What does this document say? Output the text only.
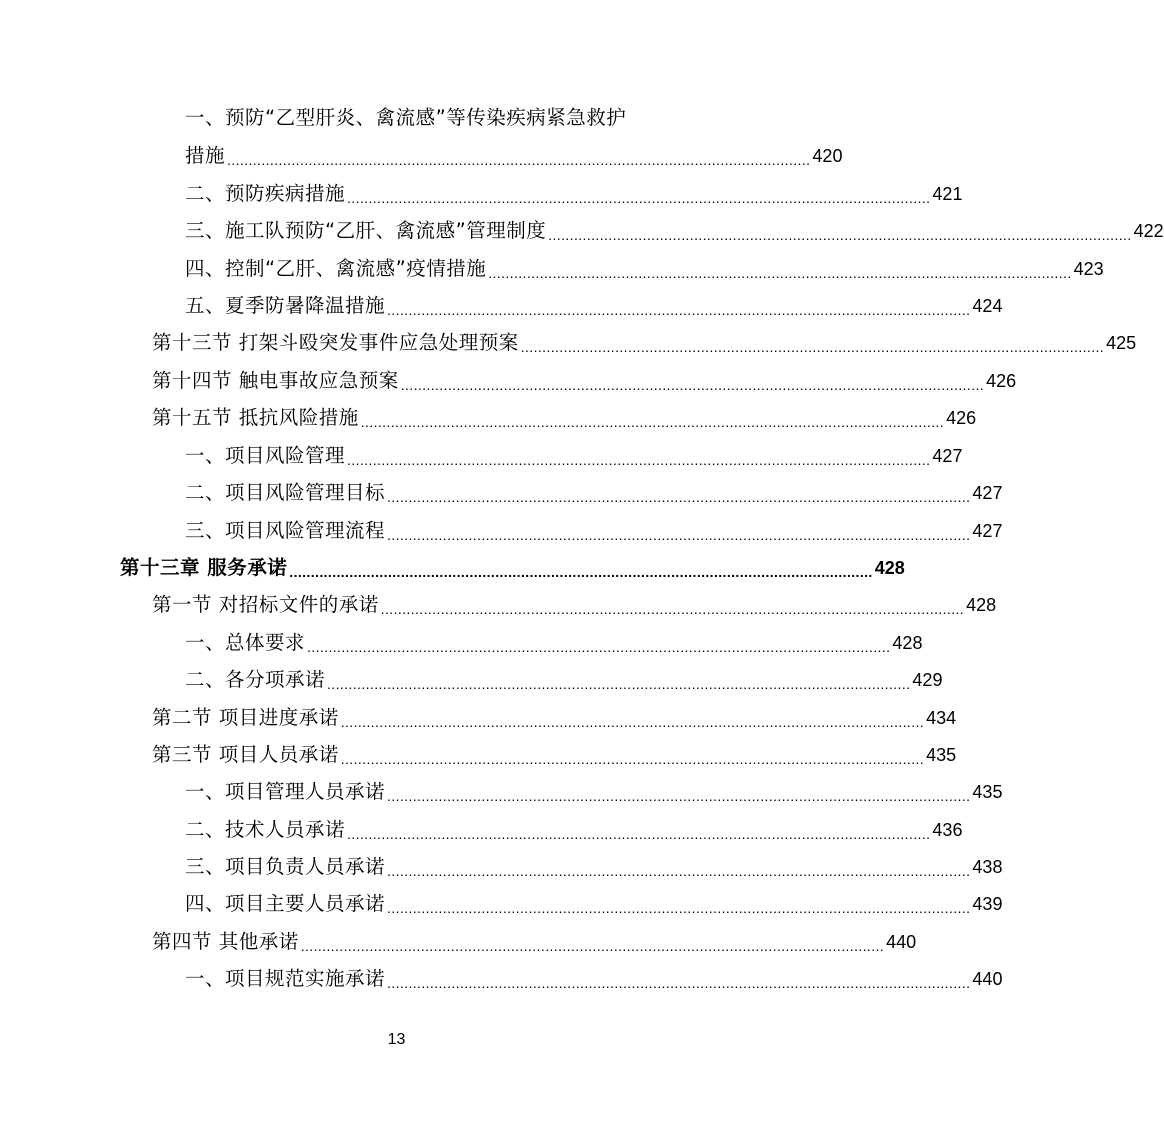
一、预防“乙型肝炎、禽流感”等传染疾病紧急救护
措施 ........................................................................................................................................ 420
二、预防疾病措施 ........................................................................................................................................ 421
三、施工队预防“乙肝、禽流感”管理制度 ........................................................................................................................................ 422
四、控制“乙肝、禽流感”疫情措施 ........................................................................................................................................ 423
五、夏季防暑降温措施 ........................................................................................................................................ 424
第十三节 打架斗殴突发事件应急处理预案 ........................................................................................................................................ 425
第十四节 触电事故应急预案 ........................................................................................................................................ 426
第十五节 抵抗风险措施 ........................................................................................................................................ 426
一、项目风险管理 ........................................................................................................................................ 427
二、项目风险管理目标 ........................................................................................................................................ 427
三、项目风险管理流程 ........................................................................................................................................ 427
第十三章 服务承诺 ........................................................................................................................................ 428
第一节 对招标文件的承诺 ........................................................................................................................................ 428
一、总体要求 ........................................................................................................................................ 428
二、各分项承诺 ........................................................................................................................................ 429
第二节 项目进度承诺 ........................................................................................................................................ 434
第三节 项目人员承诺 ........................................................................................................................................ 435
一、项目管理人员承诺 ........................................................................................................................................ 435
二、技术人员承诺 ........................................................................................................................................ 436
三、项目负责人员承诺 ........................................................................................................................................ 438
四、项目主要人员承诺 ........................................................................................................................................ 439
第四节 其他承诺 ........................................................................................................................................ 440
一、项目规范实施承诺 ........................................................................................................................................ 440
13
